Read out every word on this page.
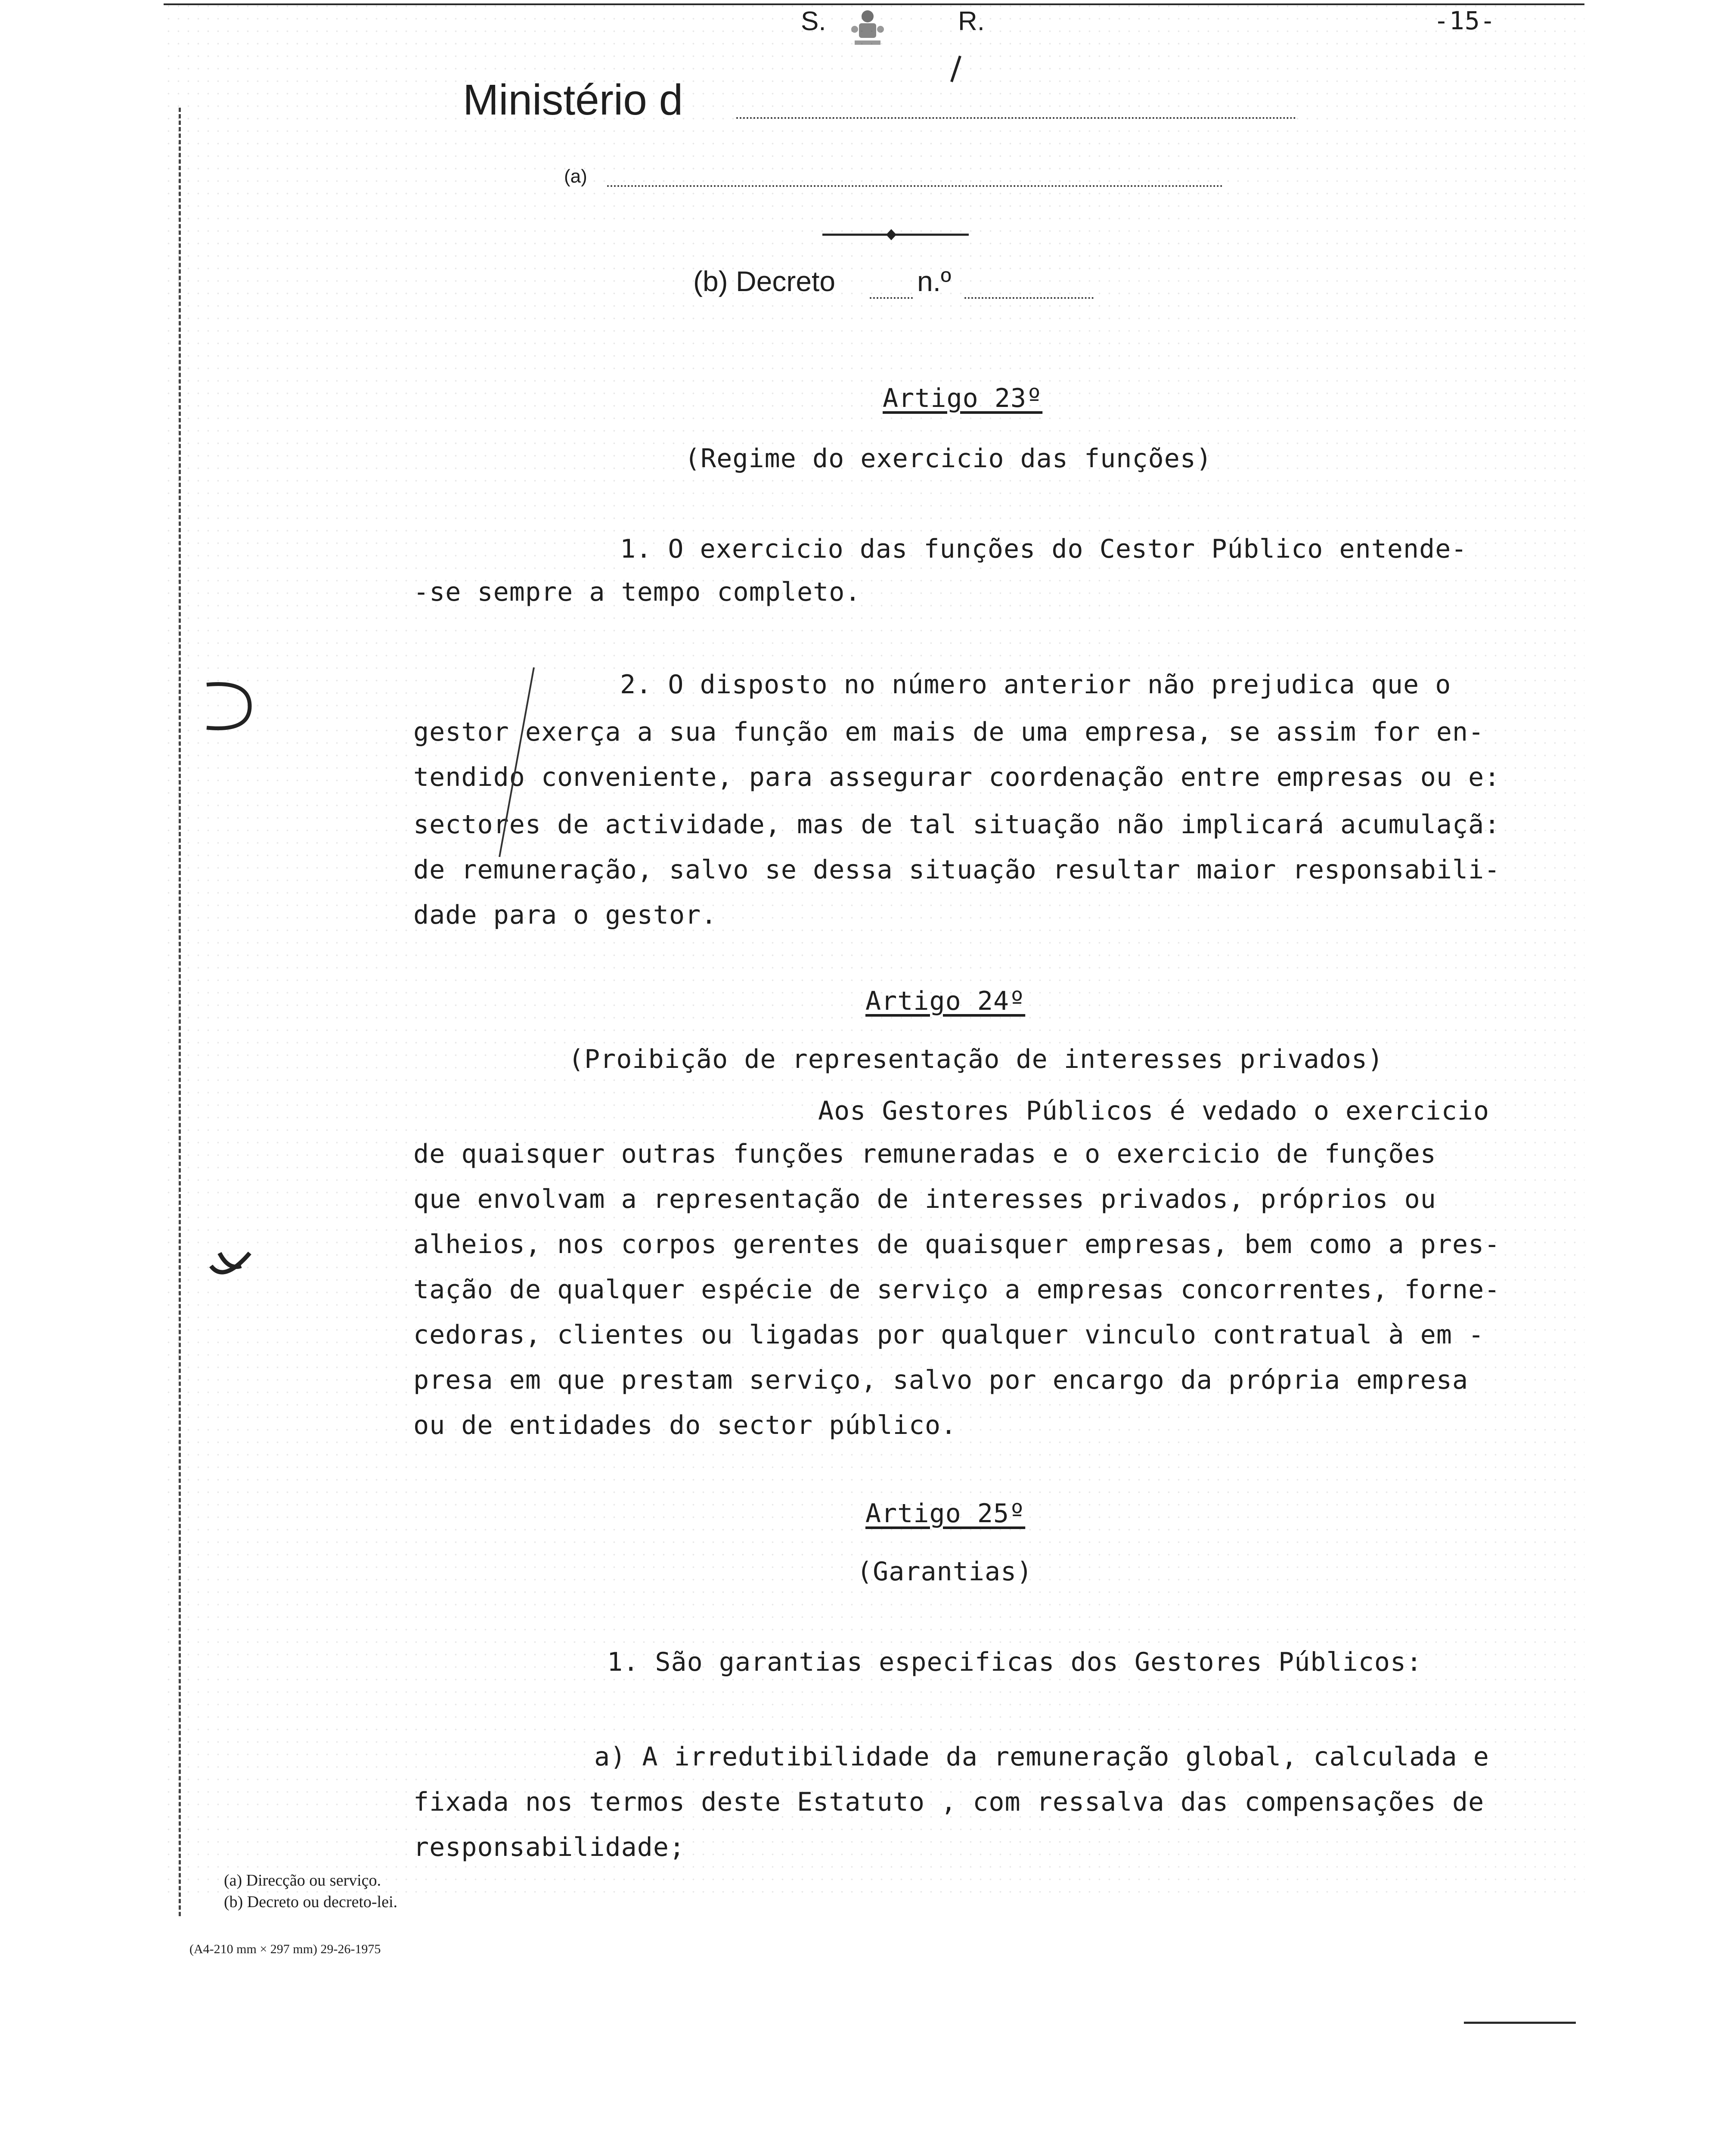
S.	R.	-15-
Ministério d
(a)
(b) Decreto	n.º
Artigo 23º
(Regime do exercicio das funções)
1. O exercicio das funções do Cestor Público entende-
-se sempre a tempo completo.
2. O disposto no número anterior não prejudica que o
gestor exerça a sua função em mais de uma empresa, se assim for en-
tendido conveniente, para assegurar coordenação entre empresas ou e:
sectores de actividade, mas de tal situação não implicará acumulaçã:
de remuneração, salvo se dessa situação resultar maior responsabili-
dade para o gestor.
Artigo 24º
(Proibição de representação de interesses privados)
Aos Gestores Públicos é vedado o exercicio
de quaisquer outras funções remuneradas e o exercicio de funções
que envolvam a representação de interesses privados, próprios ou
alheios, nos corpos gerentes de quaisquer empresas, bem como a pres-
tação de qualquer espécie de serviço a empresas concorrentes, forne-
cedoras, clientes ou ligadas por qualquer vinculo contratual à em -
presa em que prestam serviço, salvo por encargo da própria empresa
ou de entidades do sector público.
Artigo 25º
(Garantias)
1. São garantias especificas dos Gestores Públicos:
a) A irredutibilidade da remuneração global, calculada e
fixada nos termos deste Estatuto , com ressalva das compensações de
responsabilidade;
(a) Direcção ou serviço.
(b) Decreto ou decreto-lei.
(A4-210 mm × 297 mm) 29-26-1975
